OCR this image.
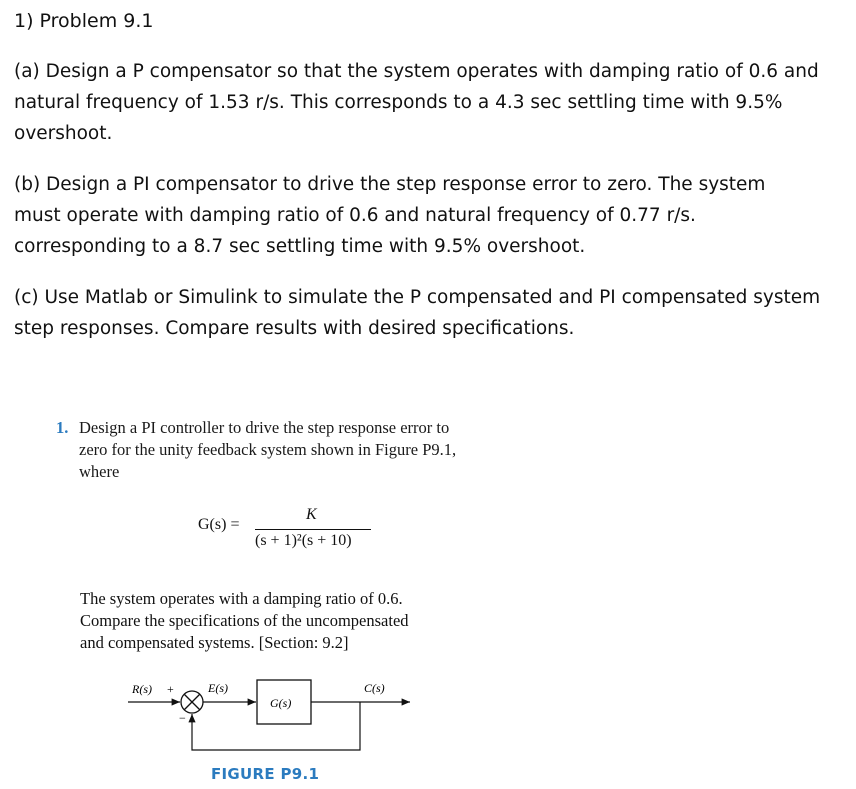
1) Problem 9.1
(a) Design a P compensator so that the system operates with damping ratio of 0.6 and
natural frequency of 1.53 r/s. This corresponds to a 4.3 sec settling time with 9.5%
overshoot.
(b) Design a PI compensator to drive the step response error to zero. The system
must operate with damping ratio of 0.6 and natural frequency of 0.77 r/s.
corresponding to a 8.7 sec settling time with 9.5% overshoot.
(c) Use Matlab or Simulink to simulate the P compensated and PI compensated system
step responses. Compare results with desired specifications.
1. Design a PI controller to drive the step response error to
zero for the unity feedback system shown in Figure P9.1,
where
G(s) =
K
(s + 1)²(s + 10)
The system operates with a damping ratio of 0.6.
Compare the specifications of the uncompensated
and compensated systems. [Section: 9.2]
R(s) +
−
E(s)
G(s)
C(s)
FIGURE P9.1
